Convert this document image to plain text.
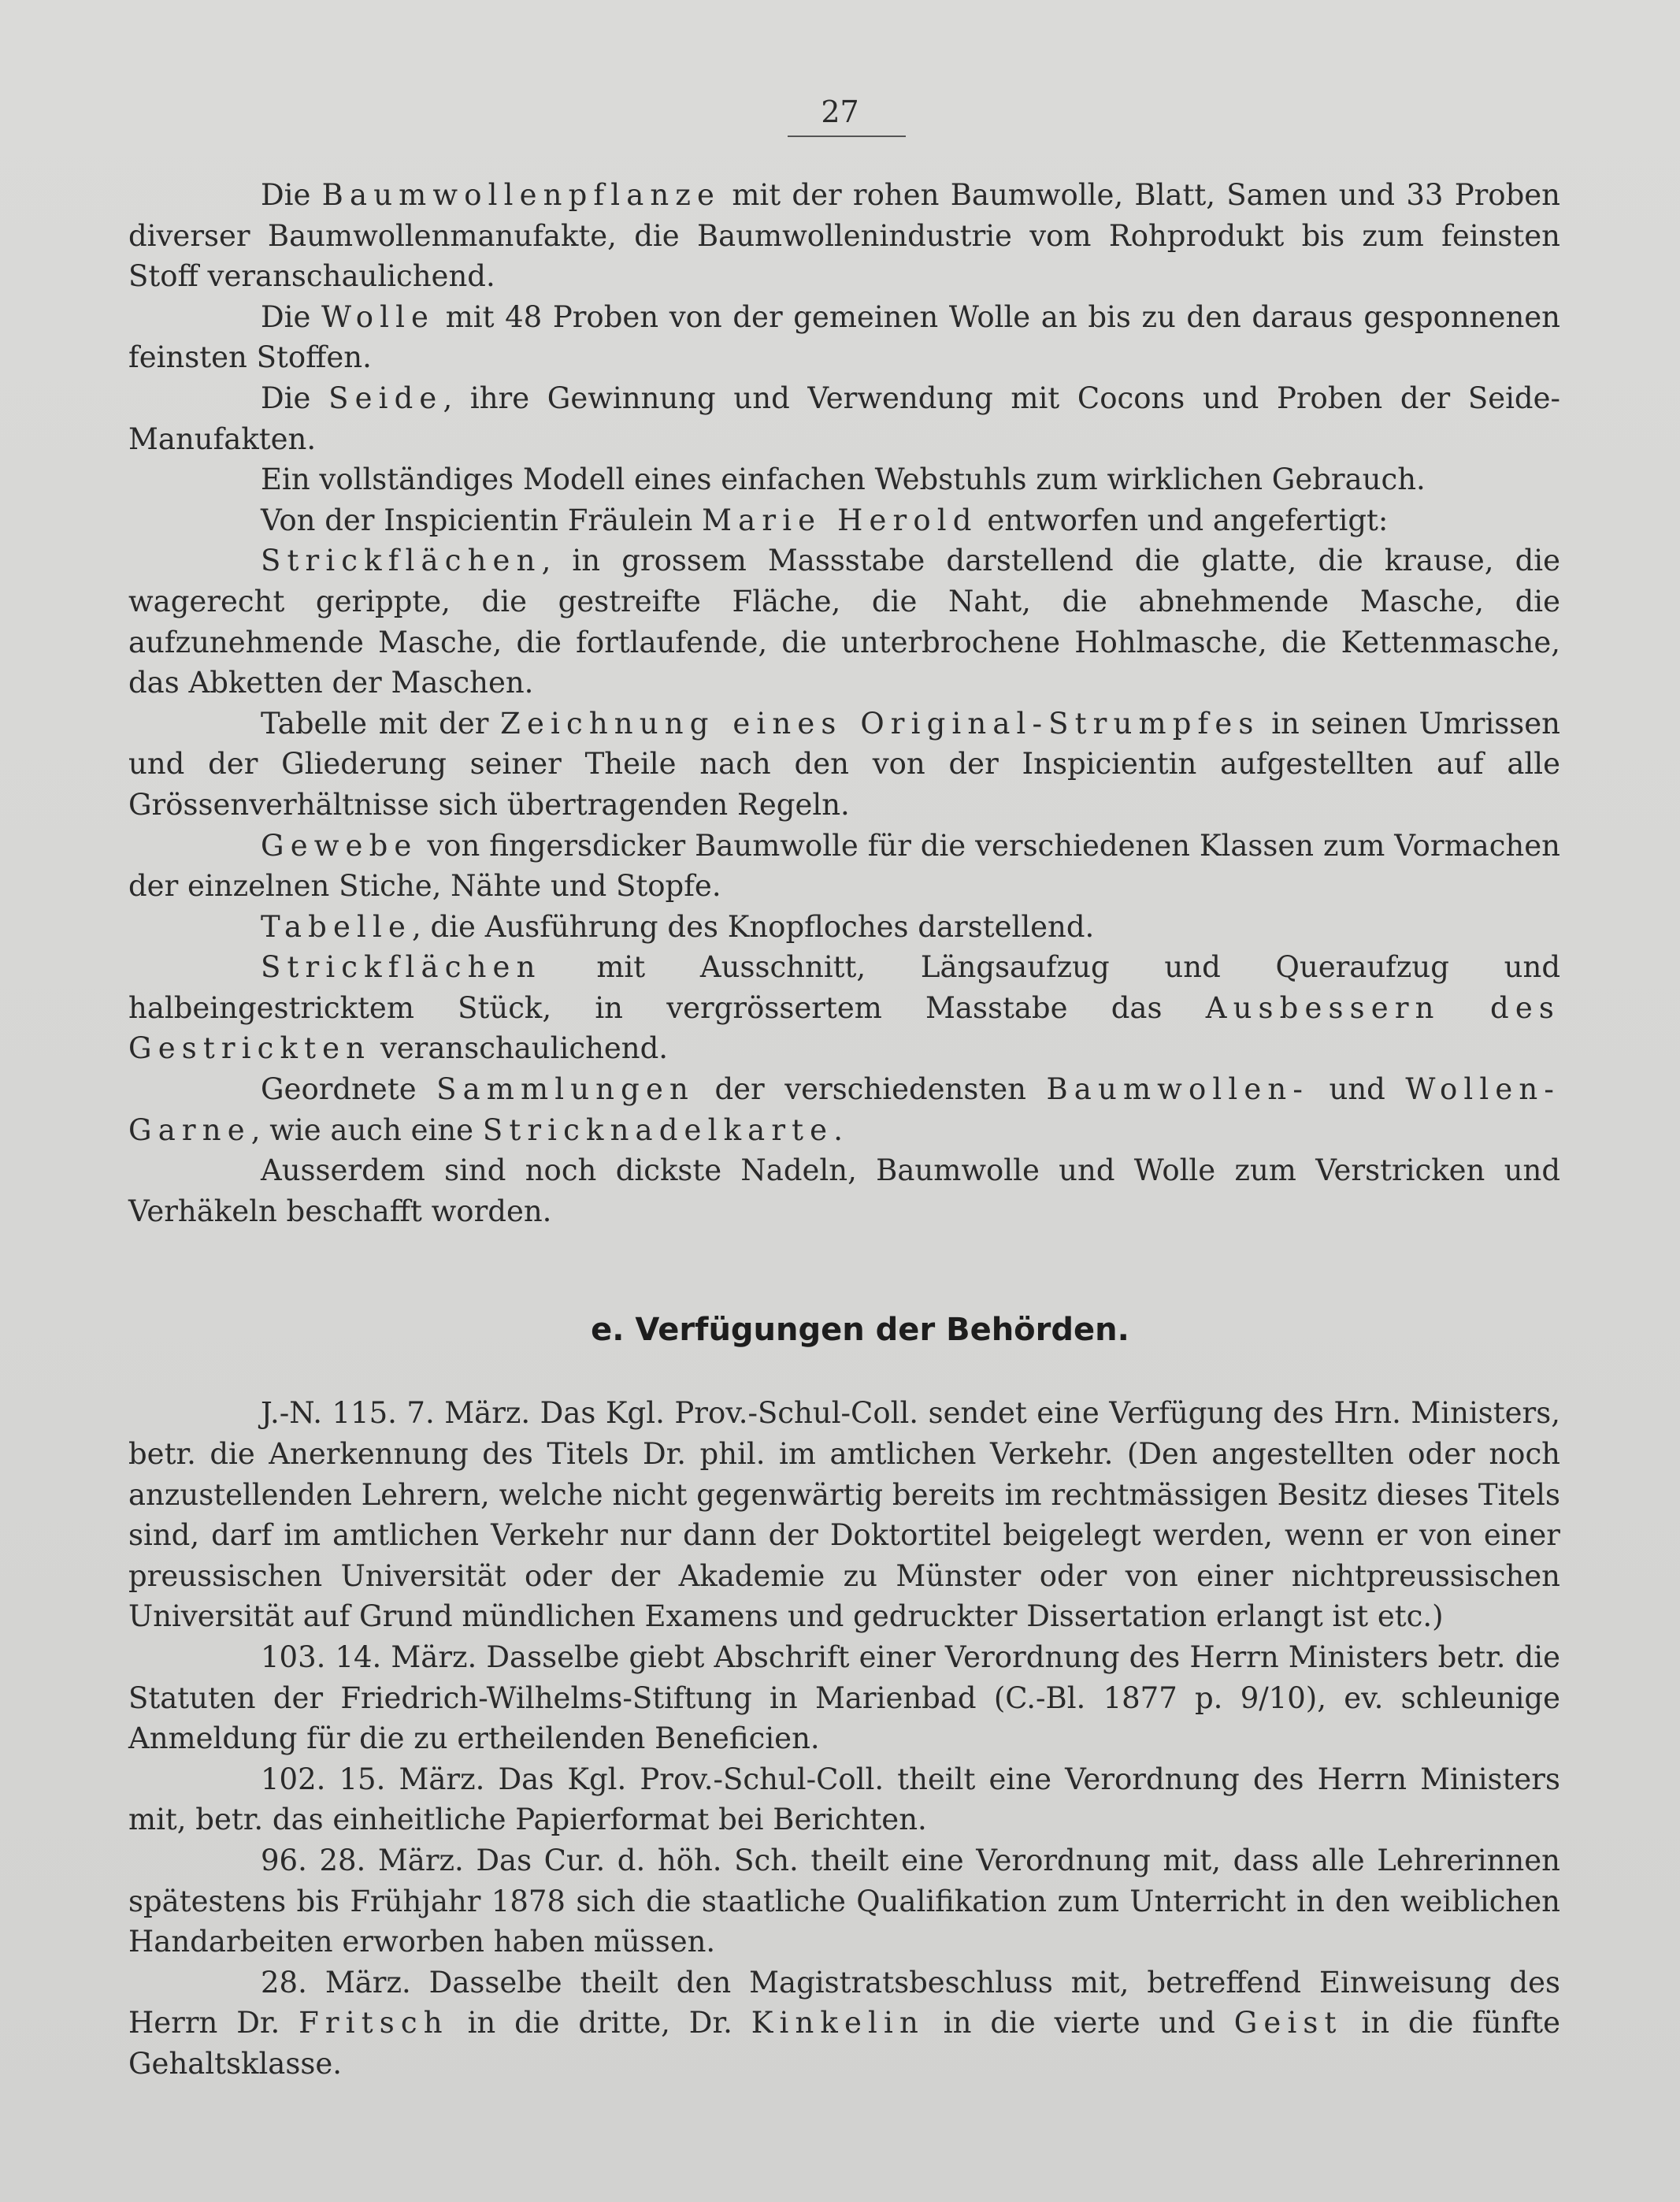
27

Die Baumwollenpflanze mit der rohen Baumwolle, Blatt, Samen und 33 Proben diverser Baumwollenmanufakte, die Baumwollenindustrie vom Rohprodukt bis zum feinsten Stoff veranschaulichend.

Die Wolle mit 48 Proben von der gemeinen Wolle an bis zu den daraus gesponnenen feinsten Stoffen.

Die Seide, ihre Gewinnung und Verwendung mit Cocons und Proben der Seide-Manufakten.

Ein vollständiges Modell eines einfachen Webstuhls zum wirklichen Gebrauch.

Von der Inspicientin Fräulein Marie Herold entworfen und angefertigt:

Strickflächen, in grossem Massstabe darstellend die glatte, die krause, die wagerecht gerippte, die gestreifte Fläche, die Naht, die abnehmende Masche, die aufzunehmende Masche, die fortlaufende, die unterbrochene Hohlmasche, die Kettenmasche, das Abketten der Maschen.

Tabelle mit der Zeichnung eines Original-Strumpfes in seinen Umrissen und der Gliederung seiner Theile nach den von der Inspicientin aufgestellten auf alle Grössenverhältnisse sich übertragenden Regeln.

Gewebe von fingersdicker Baumwolle für die verschiedenen Klassen zum Vormachen der einzelnen Stiche, Nähte und Stopfe.

Tabelle, die Ausführung des Knopfloches darstellend.

Strickflächen mit Ausschnitt, Längsaufzug und Queraufzug und halbeingestricktem Stück, in vergrössertem Masstabe das Ausbessern des Gestrickten veranschaulichend.

Geordnete Sammlungen der verschiedensten Baumwollen- und Wollen-Garne, wie auch eine Stricknadelkarte.

Ausserdem sind noch dickste Nadeln, Baumwolle und Wolle zum Verstricken und Verhäkeln beschafft worden.

e. Verfügungen der Behörden.

J.-N. 115. 7. März. Das Kgl. Prov.-Schul-Coll. sendet eine Verfügung des Hrn. Ministers, betr. die Anerkennung des Titels Dr. phil. im amtlichen Verkehr. (Den angestellten oder noch anzustellenden Lehrern, welche nicht gegenwärtig bereits im rechtmässigen Besitz dieses Titels sind, darf im amtlichen Verkehr nur dann der Doktortitel beigelegt werden, wenn er von einer preussischen Universität oder der Akademie zu Münster oder von einer nichtpreussischen Universität auf Grund mündlichen Examens und gedruckter Dissertation erlangt ist etc.)

103. 14. März. Dasselbe giebt Abschrift einer Verordnung des Herrn Ministers betr. die Statuten der Friedrich-Wilhelms-Stiftung in Marienbad (C.-Bl. 1877 p. 9/10), ev. schleunige Anmeldung für die zu ertheilenden Beneficien.

102. 15. März. Das Kgl. Prov.-Schul-Coll. theilt eine Verordnung des Herrn Ministers mit, betr. das einheitliche Papierformat bei Berichten.

96. 28. März. Das Cur. d. höh. Sch. theilt eine Verordnung mit, dass alle Lehrerinnen spätestens bis Frühjahr 1878 sich die staatliche Qualifikation zum Unterricht in den weiblichen Handarbeiten erworben haben müssen.

28. März. Dasselbe theilt den Magistratsbeschluss mit, betreffend Einweisung des Herrn Dr. Fritsch in die dritte, Dr. Kinkelin in die vierte und Geist in die fünfte Gehaltsklasse.
